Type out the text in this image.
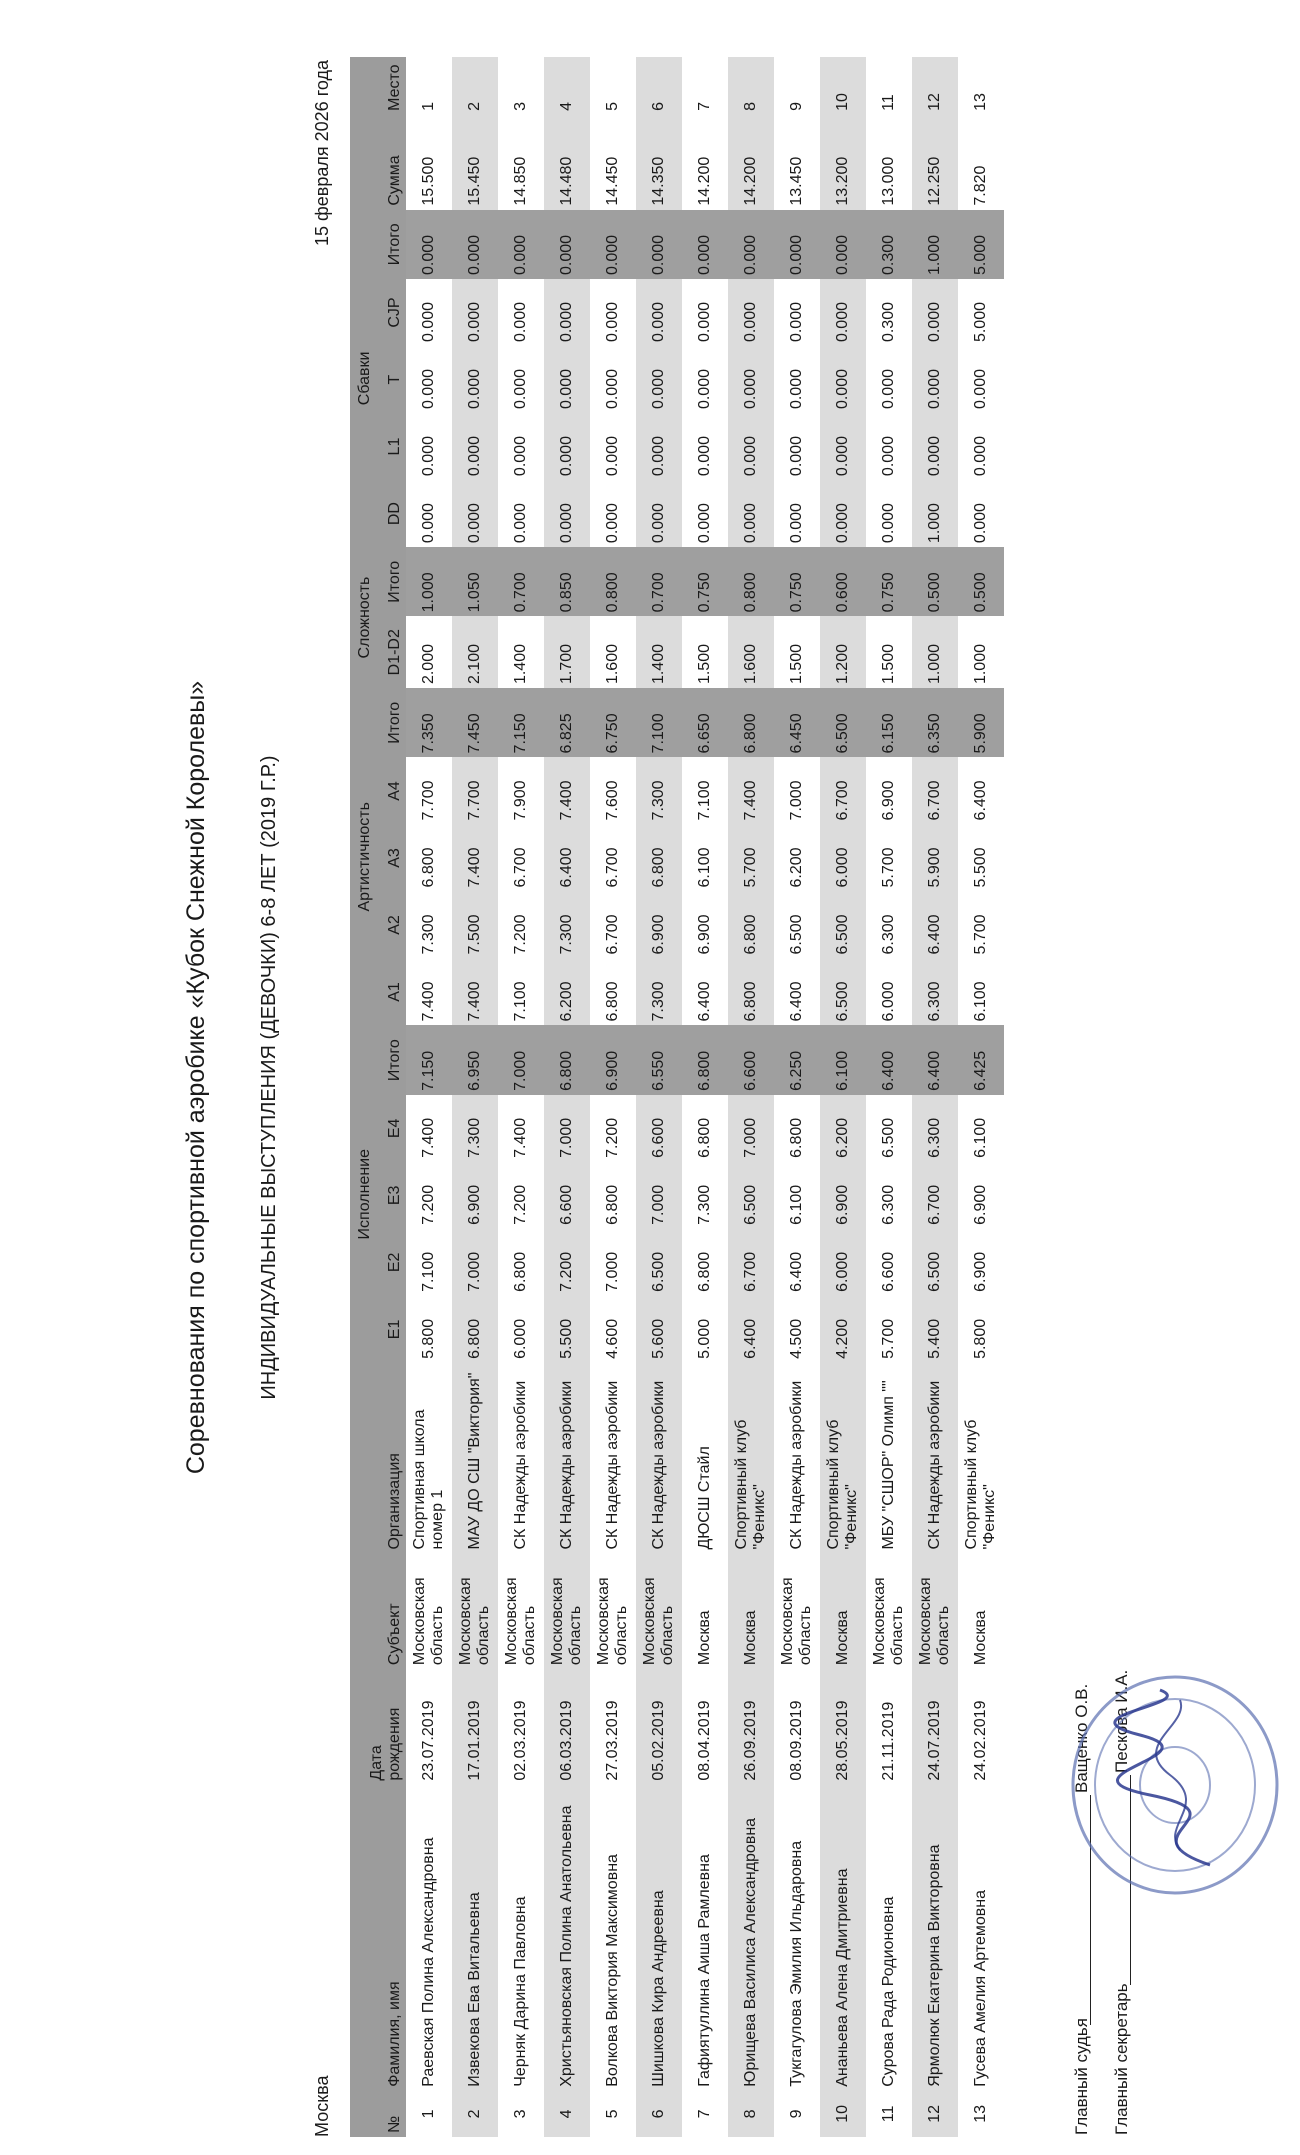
Соревнования по спортивной аэробике «Кубок Снежной Королевы» ИНДИВИДУАЛЬНЫЕ ВЫСТУПЛЕНИЯ (ДЕВОЧКИ) 6-8 ЛЕТ (2019 Г.Р.)
Москва
15 февраля 2026 года
№	Фамилия, имя	Дата рождения	Субъект	Организация	Исполнение					Артистичность					Сложность		Сбавки					Сумма	Место
					E1	E2	E3	E4	Итого	A1	A2	A3	A4	Итого	D1-D2	Итого	DD	L1	T	CJP	Итого		
1	Раевская Полина Александровна	23.07.2019	Московская область	Спортивная школа номер 1	5.800	7.100	7.200	7.400	7.150	7.400	7.300	6.800	7.700	7.350	2.000	1.000	0.000	0.000	0.000	0.000	0.000	15.500	1
2	Извекова Ева Витальевна	17.01.2019	Московская область	МАУ ДО СШ "Виктория"	6.800	7.000	6.900	7.300	6.950	7.400	7.500	7.400	7.700	7.450	2.100	1.050	0.000	0.000	0.000	0.000	0.000	15.450	2
3	Черняк Дарина Павловна	02.03.2019	Московская область	СК Надежды аэробики	6.000	6.800	7.200	7.400	7.000	7.100	7.200	6.700	7.900	7.150	1.400	0.700	0.000	0.000	0.000	0.000	0.000	14.850	3
4	Христьяновская Полина Анатольевна	06.03.2019	Московская область	СК Надежды аэробики	5.500	7.200	6.600	7.000	6.800	6.200	7.300	6.400	7.400	6.825	1.700	0.850	0.000	0.000	0.000	0.000	0.000	14.480	4
5	Волкова Виктория Максимовна	27.03.2019	Московская область	СК Надежды аэробики	4.600	7.000	6.800	7.200	6.900	6.800	6.700	6.700	7.600	6.750	1.600	0.800	0.000	0.000	0.000	0.000	0.000	14.450	5
6	Шишкова Кира Андреевна	05.02.2019	Московская область	СК Надежды аэробики	5.600	6.500	7.000	6.600	6.550	7.300	6.900	6.800	7.300	7.100	1.400	0.700	0.000	0.000	0.000	0.000	0.000	14.350	6
7	Гафиятуллина Аиша Рамлевна	08.04.2019	Москва	ДЮСШ Стайл	5.000	6.800	7.300	6.800	6.800	6.400	6.900	6.100	7.100	6.650	1.500	0.750	0.000	0.000	0.000	0.000	0.000	14.200	7
8	Юрищева Василиса Александровна	26.09.2019	Москва	Спортивный клуб "Феникс"	6.400	6.700	6.500	7.000	6.600	6.800	6.800	5.700	7.400	6.800	1.600	0.800	0.000	0.000	0.000	0.000	0.000	14.200	8
9	Тукгагулова Эмилия Ильдаровна	08.09.2019	Московская область	СК Надежды аэробики	4.500	6.400	6.100	6.800	6.250	6.400	6.500	6.200	7.000	6.450	1.500	0.750	0.000	0.000	0.000	0.000	0.000	13.450	9
10	Ананьева Алена Дмитриевна	28.05.2019	Москва	Спортивный клуб "Феникс"	4.200	6.000	6.900	6.200	6.100	6.500	6.500	6.000	6.700	6.500	1.200	0.600	0.000	0.000	0.000	0.000	0.000	13.200	10
11	Сурова Рада Родионовна	21.11.2019	Московская область	МБУ "СШОР" Олимп ""	5.700	6.600	6.300	6.500	6.400	6.000	6.300	5.700	6.900	6.150	1.500	0.750	0.000	0.000	0.000	0.300	0.300	13.000	11
12	Ярмолюк Екатерина Викторовна	24.07.2019	Московская область	СК Надежды аэробики	5.400	6.500	6.700	6.300	6.400	6.300	6.400	5.900	6.700	6.350	1.000	0.500	1.000	0.000	0.000	0.000	1.000	12.250	12
13	Гусева Амелия Артемовна	24.02.2019	Москва	Спортивный клуб "Феникс"	5.800	6.900	6.900	6.100	6.425	6.100	5.700	5.500	6.400	5.900	1.000	0.500	0.000	0.000	0.000	5.000	5.000	7.820	13
Главный судья
Ващенко О.В.
Главный секретарь
Пескова И.А.
